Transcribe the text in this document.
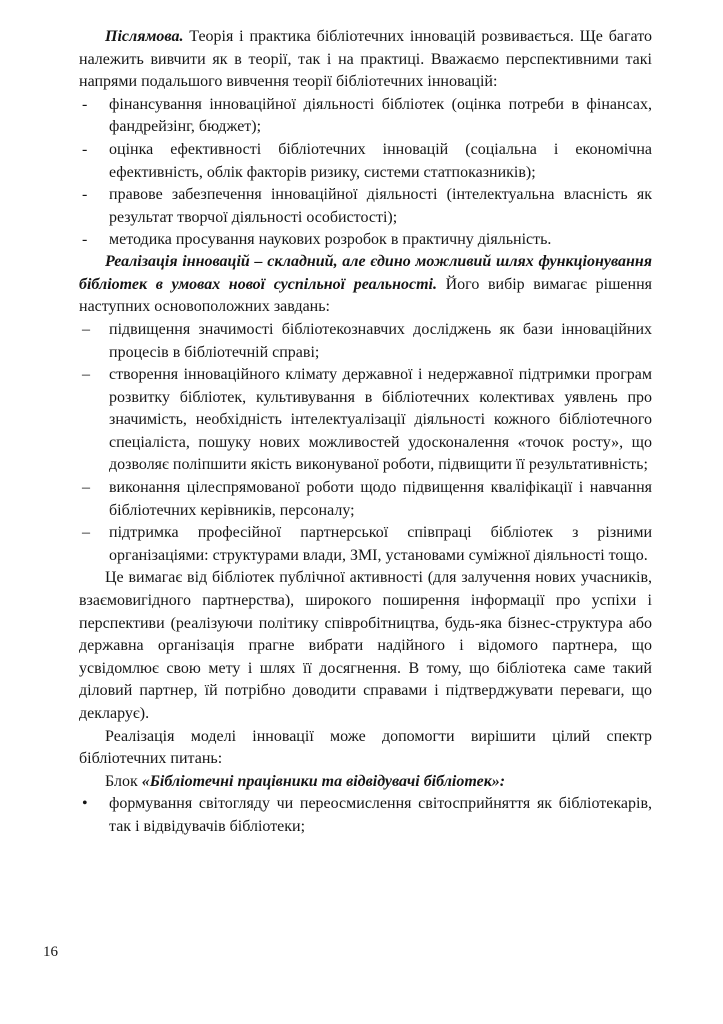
Післямова. Теорія і практика бібліотечних інновацій розвивається. Ще багато належить вивчити як в теорії, так і на практиці. Вважаємо перспективними такі напрями подальшого вивчення теорії бібліотечних інновацій:

- фінансування інноваційної діяльності бібліотек (оцінка потреби в фінансах, фандрейзінг, бюджет);
- оцінка ефективності бібліотечних інновацій (соціальна і економічна ефективність, облік факторів ризику, системи статпоказників);
- правове забезпечення інноваційної діяльності (інтелектуальна власність як результат творчої діяльності особистості);
- методика просування наукових розробок в практичну діяльність.

Реалізація інновацій – складний, але єдино можливий шлях функціонування бібліотек в умовах нової суспільної реальності. Його вибір вимагає рішення наступних основоположних завдань:

– підвищення значимості бібліотекознавчих досліджень як бази інноваційних процесів в бібліотечній справі;
– створення інноваційного клімату державної і недержавної підтримки програм розвитку бібліотек, культивування в бібліотечних колективах уявлень про значимість, необхідність інтелектуалізації діяльності кожного бібліотечного спеціаліста, пошуку нових можливостей удосконалення «точок росту», що дозволяє поліпшити якість виконуваної роботи, підвищити її результативність;
– виконання цілеспрямованої роботи щодо підвищення кваліфікації і навчання бібліотечних керівників, персоналу;
– підтримка професійної партнерської співпраці бібліотек з різними організаціями: структурами влади, ЗМІ, установами суміжної діяльності тощо.

Це вимагає від бібліотек публічної активності (для залучення нових учасників, взаємовигідного партнерства), широкого поширення інформації про успіхи і перспективи (реалізуючи політику співробітництва, будь-яка бізнес-структура або державна організація прагне вибрати надійного і відомого партнера, що усвідомлює свою мету і шлях її досягнення. В тому, що бібліотека саме такий діловий партнер, їй потрібно доводити справами і підтверджувати переваги, що декларує).

Реалізація моделі інновації може допомогти вирішити цілий спектр бібліотечних питань:

Блок «Бібліотечні працівники та відвідувачі бібліотек»:

• формування світогляду чи переосмислення світосприйняття як бібліотекарів, так і відвідувачів бібліотеки;
16
